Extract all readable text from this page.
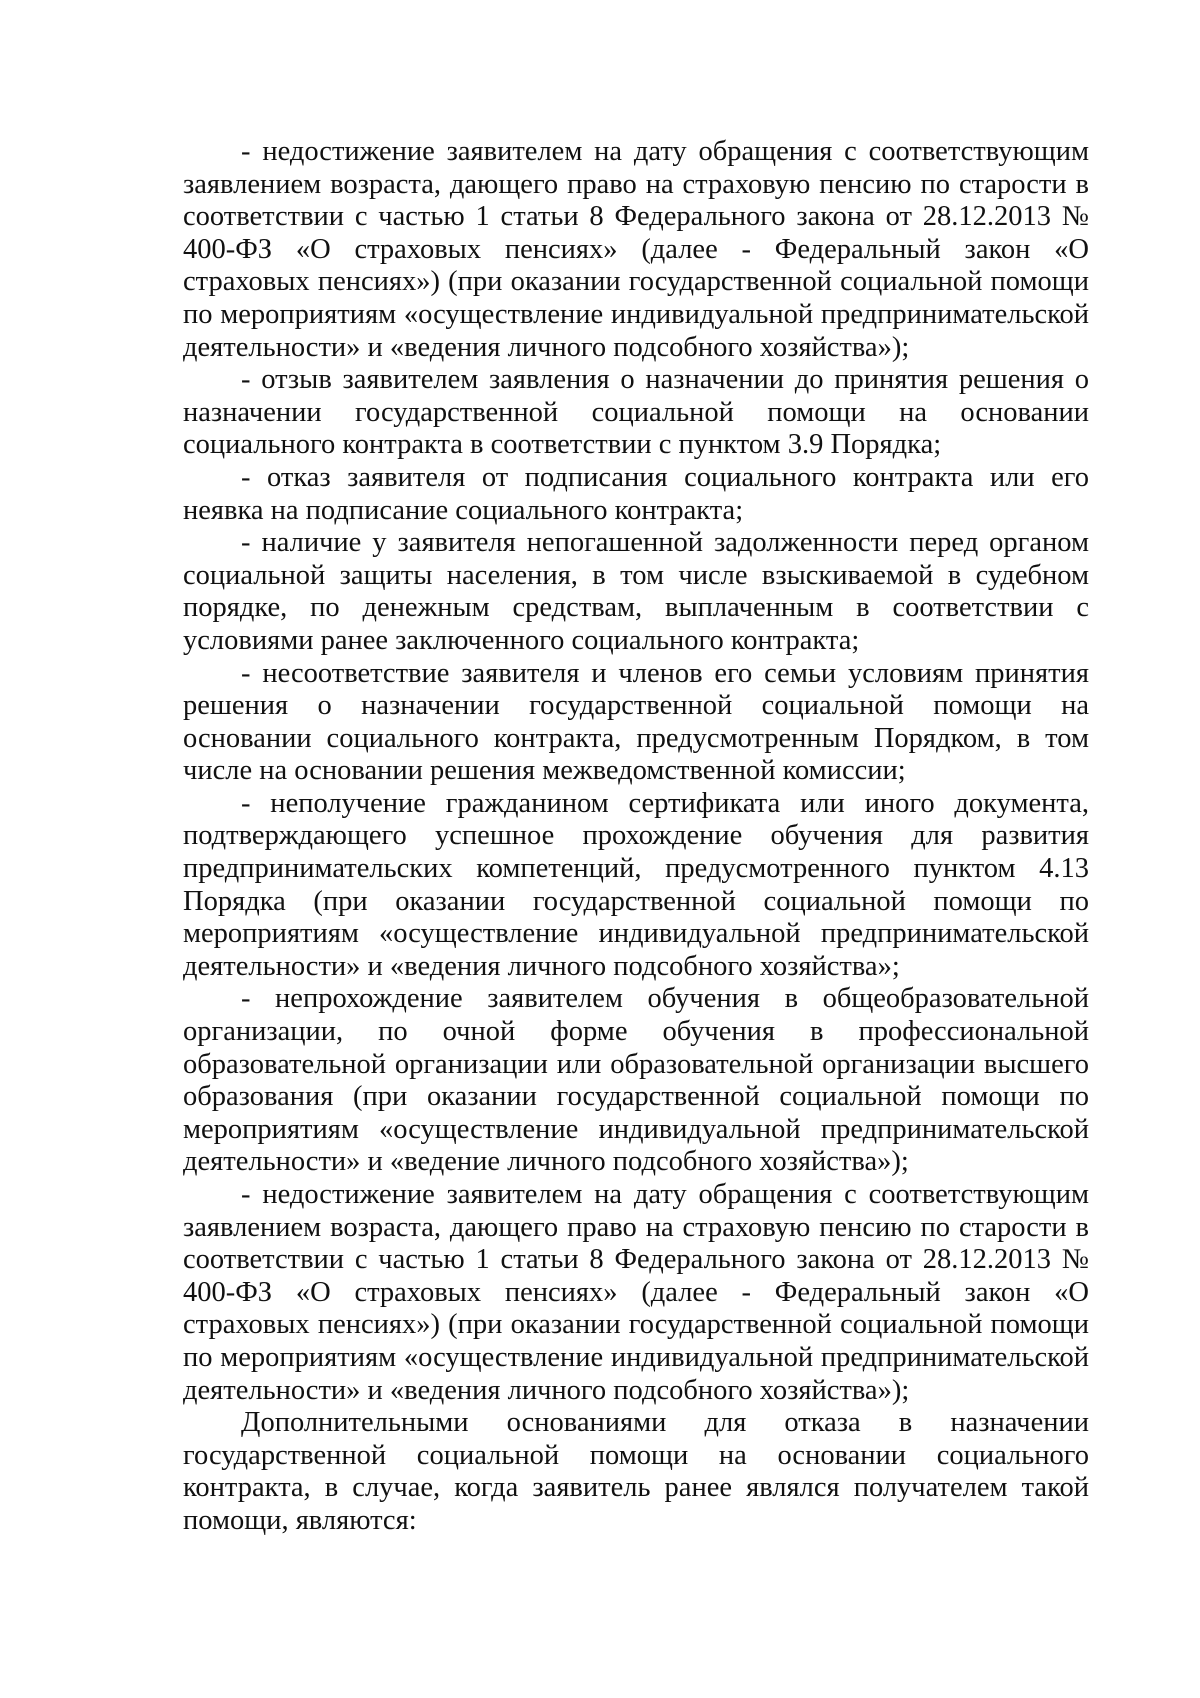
- недостижение заявителем на дату обращения с соответствующим заявлением возраста, дающего право на страховую пенсию по старости в соответствии с частью 1 статьи 8 Федерального закона от 28.12.2013 № 400-ФЗ «О страховых пенсиях» (далее - Федеральный закон «О страховых пенсиях») (при оказании государственной социальной помощи по мероприятиям «осуществление индивидуальной предпринимательской деятельности» и «ведения личного подсобного хозяйства»);

- отзыв заявителем заявления о назначении до принятия решения о назначении государственной социальной помощи на основании социального контракта в соответствии с пунктом 3.9 Порядка;

- отказ заявителя от подписания социального контракта или его неявка на подписание социального контракта;

- наличие у заявителя непогашенной задолженности перед органом социальной защиты населения, в том числе взыскиваемой в судебном порядке, по денежным средствам, выплаченным в соответствии с условиями ранее заключенного социального контракта;

- несоответствие заявителя и членов его семьи условиям принятия решения о назначении государственной социальной помощи на основании социального контракта, предусмотренным Порядком, в том числе на основании решения межведомственной комиссии;

- неполучение гражданином сертификата или иного документа, подтверждающего успешное прохождение обучения для развития предпринимательских компетенций, предусмотренного пунктом 4.13 Порядка (при оказании государственной социальной помощи по мероприятиям «осуществление индивидуальной предпринимательской деятельности» и «ведения личного подсобного хозяйства»;

- непрохождение заявителем обучения в общеобразовательной организации, по очной форме обучения в профессиональной образовательной организации или образовательной организации высшего образования (при оказании государственной социальной помощи по мероприятиям «осуществление индивидуальной предпринимательской деятельности» и «ведение личного подсобного хозяйства»);

- недостижение заявителем на дату обращения с соответствующим заявлением возраста, дающего право на страховую пенсию по старости в соответствии с частью 1 статьи 8 Федерального закона от 28.12.2013 № 400-ФЗ «О страховых пенсиях» (далее - Федеральный закон «О страховых пенсиях») (при оказании государственной социальной помощи по мероприятиям «осуществление индивидуальной предпринимательской деятельности» и «ведения личного подсобного хозяйства»);

Дополнительными основаниями для отказа в назначении государственной социальной помощи на основании социального контракта, в случае, когда заявитель ранее являлся получателем такой помощи, являются:
